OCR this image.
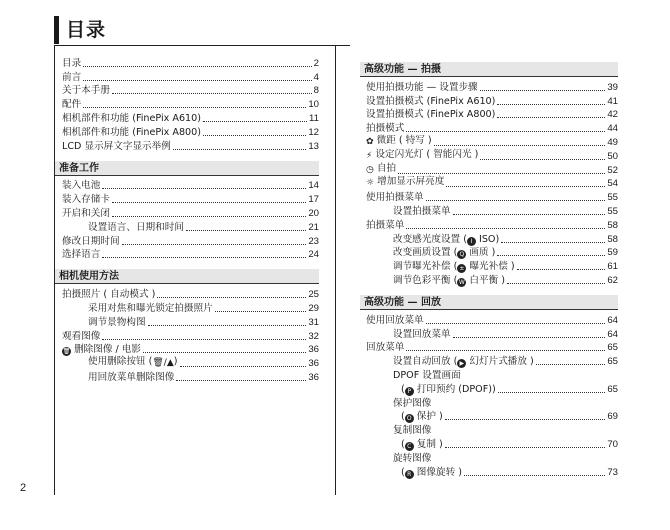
目录
目录	2
前言	4
关于本手册	8
配件	10
相机部件和功能 (FinePix A610)	11
相机部件和功能 (FinePix A800)	12
LCD 显示屏文字显示举例	13
准备工作
装入电池	14
装入存储卡	17
开启和关闭	20
设置语言、日期和时间	21
修改日期时间	23
选择语言	24
相机使用方法
拍摄照片 ( 自动模式 )	25
采用对焦和曝光锁定拍摄照片	29
调节景物构图	31
观看图像	32
🗑 删除图像 / 电影	36
使用删除按钮 (🗑/▲)	36
用回放菜单删除图像	36
高级功能 — 拍摄
使用拍摄功能 — 设置步骤	39
设置拍摄模式 (FinePix A610)	41
设置拍摄模式 (FinePix A800)	42
拍摄模式	44
✿ 微距 ( 特写 )	49
⚡ 设定闪光灯 ( 智能闪光 )	50
◷ 自拍	52
☼ 增加显示屏亮度	54
使用拍摄菜单	55
设置拍摄菜单	55
拍摄菜单	58
改变感光度设置 ( I ISO)	58
改变画质设置 ( Q 画质 )	59
调节曝光补偿 ( ± 曝光补偿 )	61
调节色彩平衡 ( W 白平衡 )	62
高级功能 — 回放
使用回放菜单	64
设置回放菜单	64
回放菜单	65
设置自动回放 ( ▶ 幻灯片式播放 )	65
DPOF 设置画面
( P 打印预约 (DPOF))	65
保护图像
( O 保护 )	69
复制图像
( C 复制 )	70
旋转图像
( R 图像旋转 )	73
2
